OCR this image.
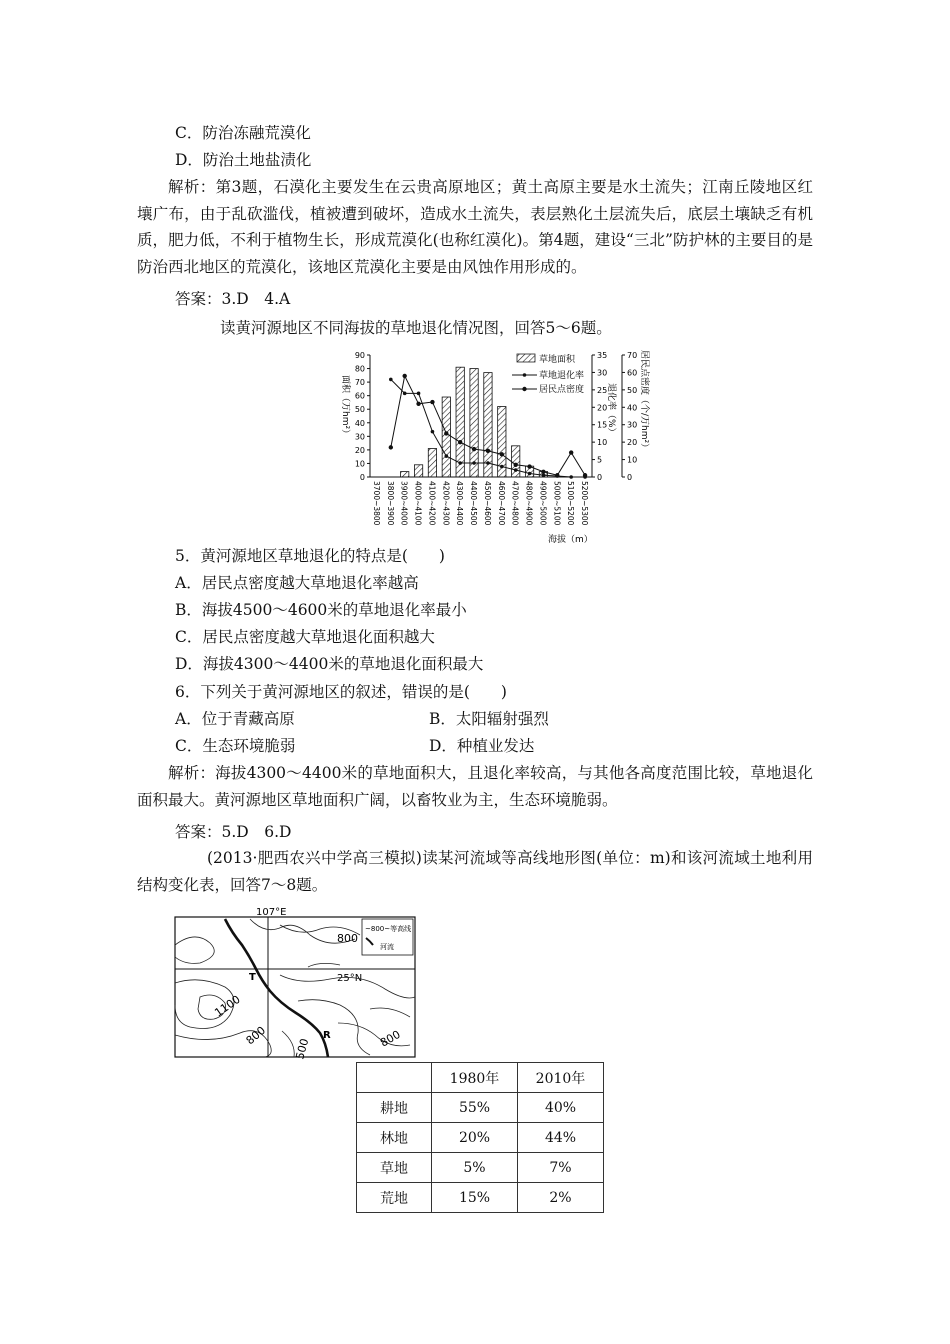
C．防治冻融荒漠化
D．防治土地盐渍化
解析：第3题，石漠化主要发生在云贵高原地区；黄土高原主要是水土流失；江南丘陵地区红壤广布，由于乱砍滥伐，植被遭到破坏，造成水土流失，表层熟化土层流失后，底层土壤缺乏有机质，肥力低，不利于植物生长，形成荒漠化(也称红漠化)。第4题，建设“三北”防护林的主要目的是防治西北地区的荒漠化，该地区荒漠化主要是由风蚀作用形成的。
答案：3.D　4.A
读黄河源地区不同海拔的草地退化情况图，回答5～6题。
0
10
20
30
40
50
60
70
80
90
0
5
10
15
20
25
30
35
0
10
20
30
40
50
60
70
3700~3800 3800~3900 3900~4000 4000~4100 4100~4200 4200~4300 4300~4400 4400~4500 4500~4600 4600~4700 4700~4800 4800~4900 4900~5000 5000~5100 5100~5200 5200~5300
面积（万hm²）	退化率（%）	居民点密度（个/万hm²）
海拔（m）
草地面积
草地退化率
居民点密度
5．黄河源地区草地退化的特点是(　　)
A．居民点密度越大草地退化率越高
B．海拔4500～4600米的草地退化率最小
C．居民点密度越大草地退化面积越大
D．海拔4300～4400米的草地退化面积最大
6．下列关于黄河源地区的叙述，错误的是(　　)
A．位于青藏高原	B．太阳辐射强烈
C．生态环境脆弱	D．种植业发达
解析：海拔4300～4400米的草地面积大，且退化率较高，与其他各高度范围比较，草地退化面积最大。黄河源地区草地面积广阔，以畜牧业为主，生态环境脆弱。
答案：5.D　6.D
(2013·肥西农兴中学高三模拟)读某河流域等高线地形图(单位：m)和该河流域土地利用结构变化表，回答7～8题。
107°E
25°N
~800~等高线
河流
800
1100
800
500	800
T
R
	1980年	2010年
耕地	55%	40%
林地	20%	44%
草地	5%	7%
荒地	15%	2%
